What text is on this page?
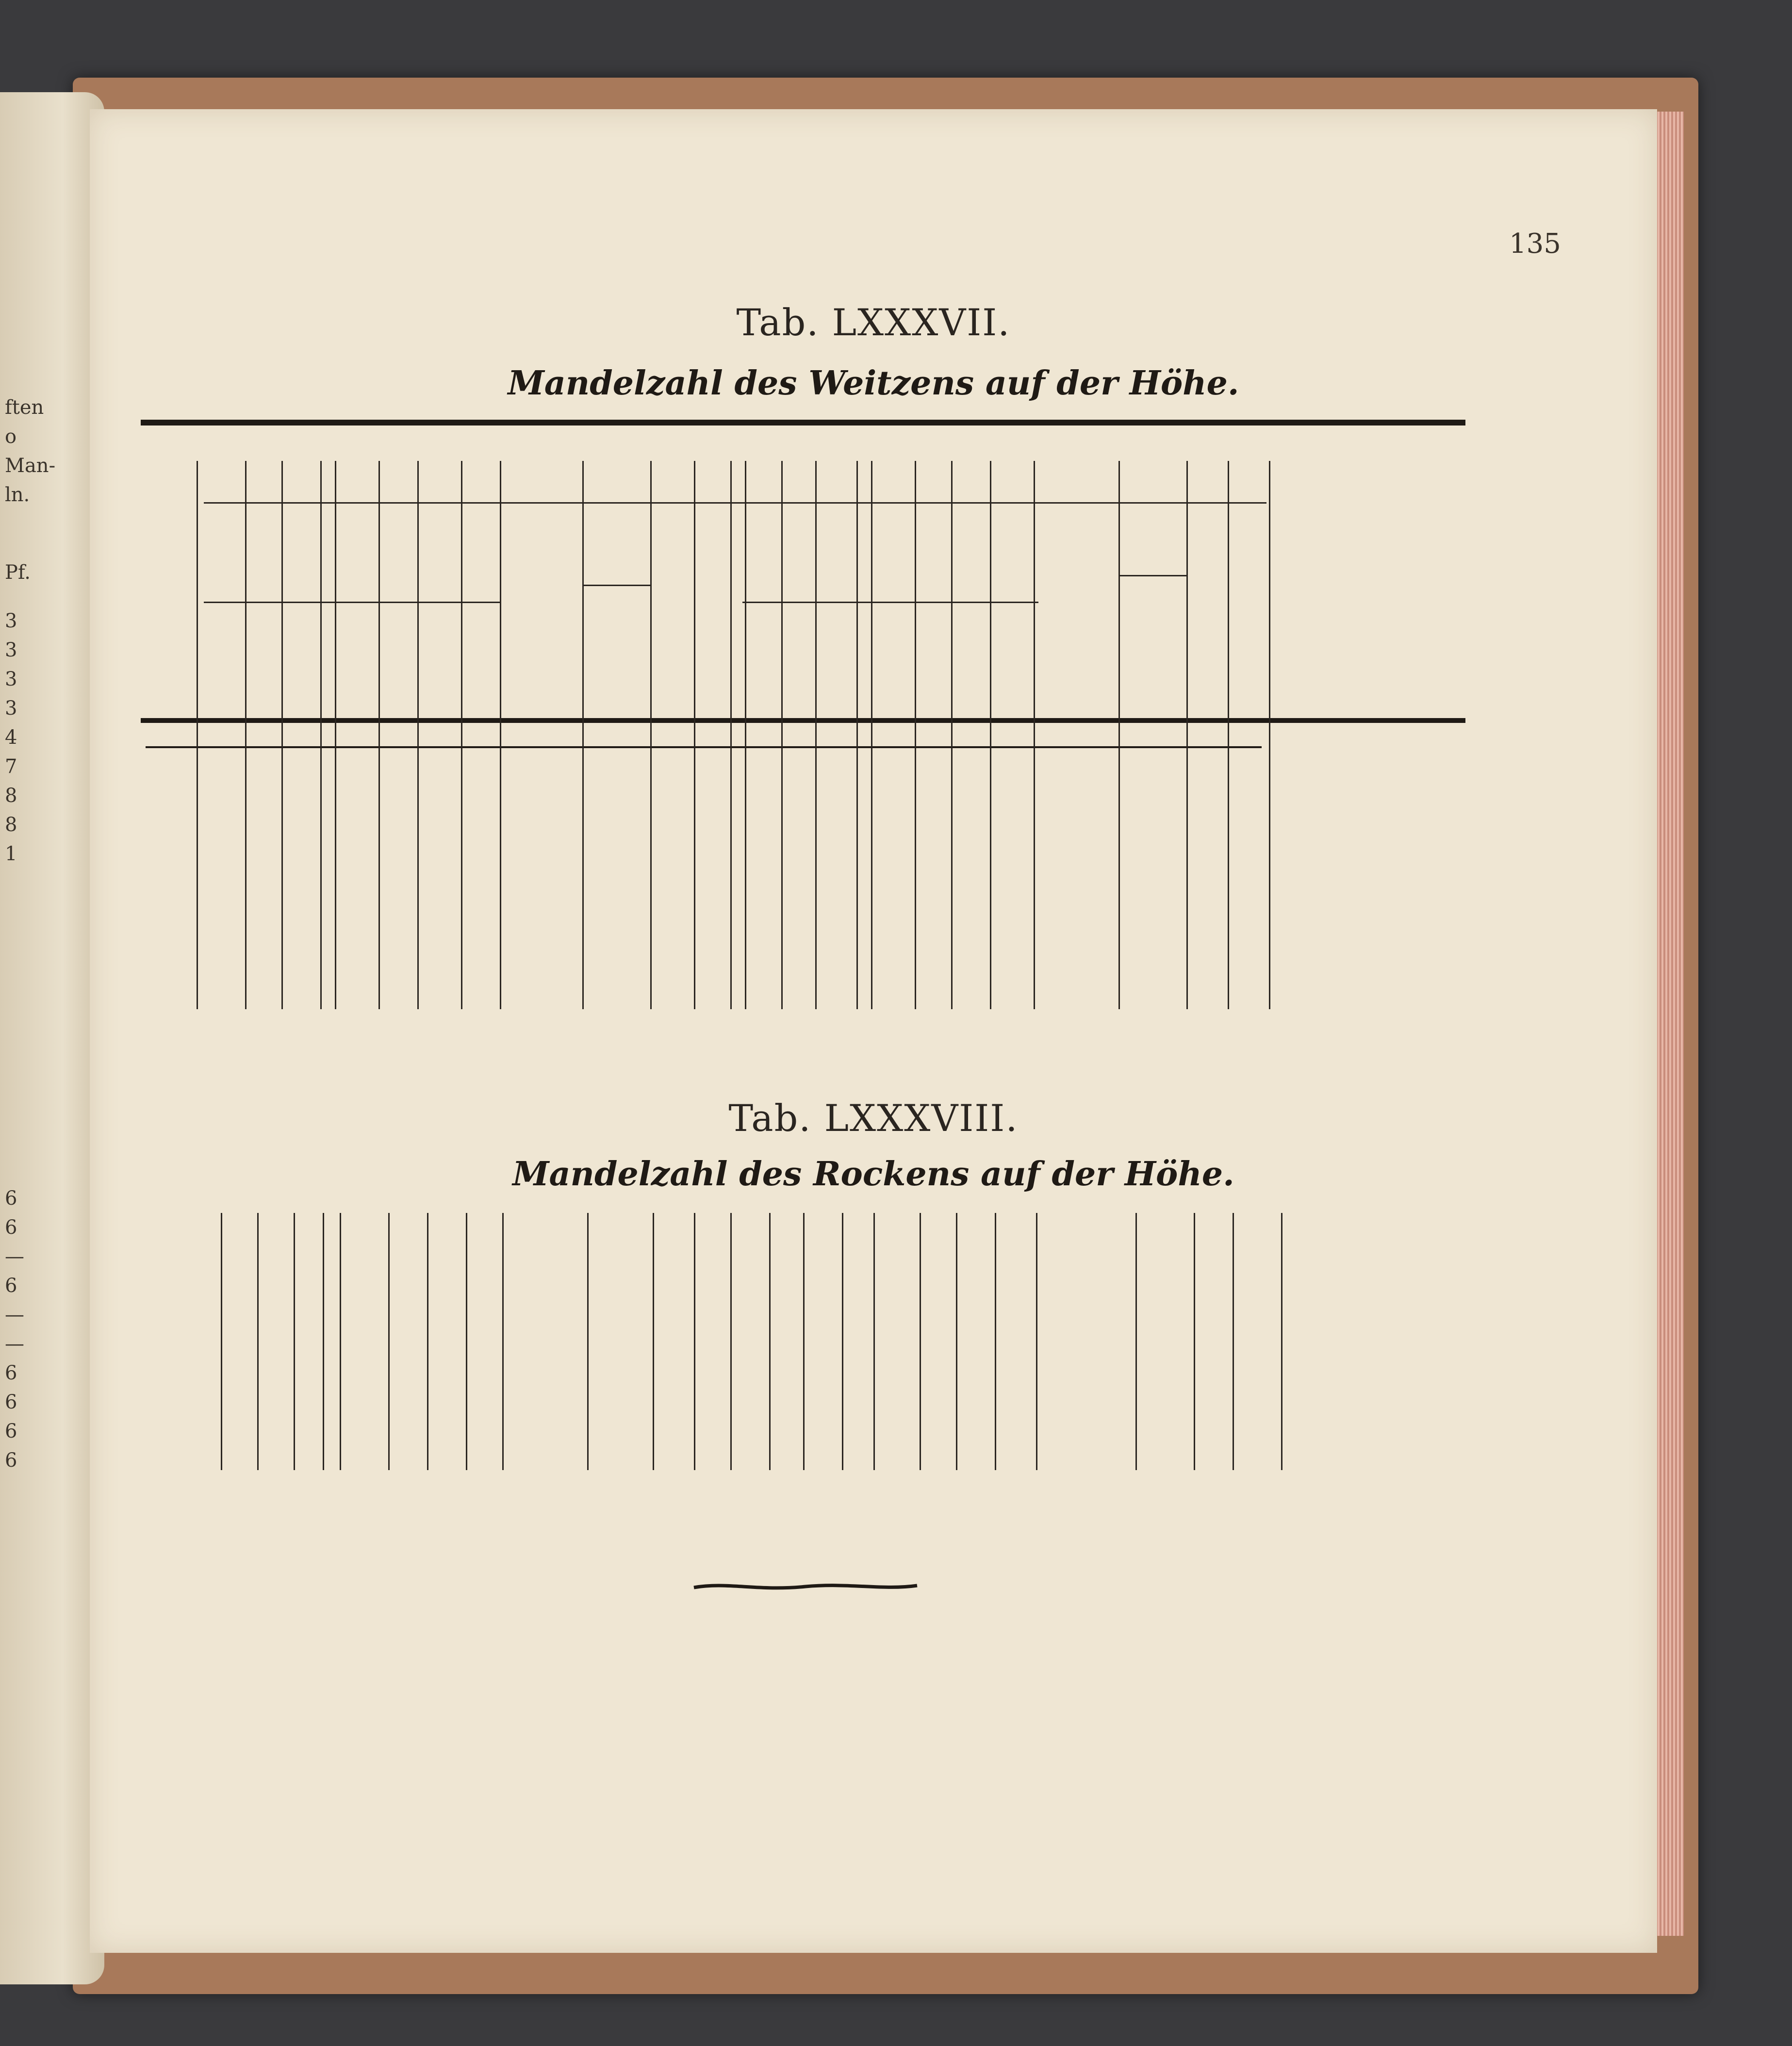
ften
o
Man-
ln.
Pf.
3
3
3
3
4
7
8
8
1
6
6
—
6
—
—
6
6
6
6
135
Tab. LXXXVII.
Mandelzahl des Weitzens auf der Höhe.
Tab. LXXXVIII.
Mandelzahl des Rockens auf der Höhe.
